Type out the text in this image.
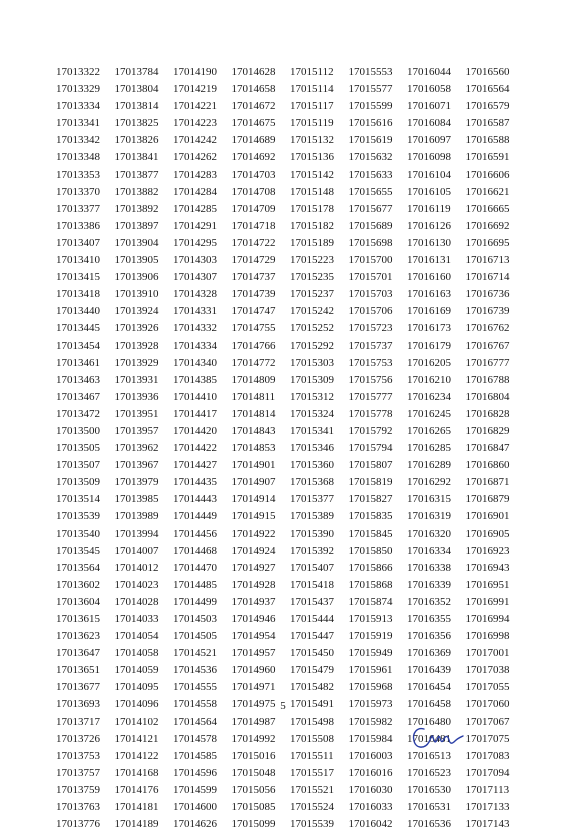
17013322
17013329
17013334
17013341
17013342
17013348
17013353
17013370
17013377
17013386
17013407
17013410
17013415
17013418
17013440
17013445
17013454
17013461
17013463
17013467
17013472
17013500
17013505
17013507
17013509
17013514
17013539
17013540
17013545
17013564
17013602
17013604
17013615
17013623
17013647
17013651
17013677
17013693
17013717
17013726
17013753
17013757
17013759
17013763
17013776
17013784
17013804
17013814
17013825
17013826
17013841
17013877
17013882
17013892
17013897
17013904
17013905
17013906
17013910
17013924
17013926
17013928
17013929
17013931
17013936
17013951
17013957
17013962
17013967
17013979
17013985
17013989
17013994
17014007
17014012
17014023
17014028
17014033
17014054
17014058
17014059
17014095
17014096
17014102
17014121
17014122
17014168
17014176
17014181
17014189
17014190
17014219
17014221
17014223
17014242
17014262
17014283
17014284
17014285
17014291
17014295
17014303
17014307
17014328
17014331
17014332
17014334
17014340
17014385
17014410
17014417
17014420
17014422
17014427
17014435
17014443
17014449
17014456
17014468
17014470
17014485
17014499
17014503
17014505
17014521
17014536
17014555
17014558
17014564
17014578
17014585
17014596
17014599
17014600
17014626
17014628
17014658
17014672
17014675
17014689
17014692
17014703
17014708
17014709
17014718
17014722
17014729
17014737
17014739
17014747
17014755
17014766
17014772
17014809
17014811
17014814
17014843
17014853
17014901
17014907
17014914
17014915
17014922
17014924
17014927
17014928
17014937
17014946
17014954
17014957
17014960
17014971
17014975
17014987
17014992
17015016
17015048
17015056
17015085
17015099
17015112
17015114
17015117
17015119
17015132
17015136
17015142
17015148
17015178
17015182
17015189
17015223
17015235
17015237
17015242
17015252
17015292
17015303
17015309
17015312
17015324
17015341
17015346
17015360
17015368
17015377
17015389
17015390
17015392
17015407
17015418
17015437
17015444
17015447
17015450
17015479
17015482
17015491
17015498
17015508
17015511
17015517
17015521
17015524
17015539
17015553
17015577
17015599
17015616
17015619
17015632
17015633
17015655
17015677
17015689
17015698
17015700
17015701
17015703
17015706
17015723
17015737
17015753
17015756
17015777
17015778
17015792
17015794
17015807
17015819
17015827
17015835
17015845
17015850
17015866
17015868
17015874
17015913
17015919
17015949
17015961
17015968
17015973
17015982
17015984
17016003
17016016
17016030
17016033
17016042
17016044
17016058
17016071
17016084
17016097
17016098
17016104
17016105
17016119
17016126
17016130
17016131
17016160
17016163
17016169
17016173
17016179
17016205
17016210
17016234
17016245
17016265
17016285
17016289
17016292
17016315
17016319
17016320
17016334
17016338
17016339
17016352
17016355
17016356
17016369
17016439
17016454
17016458
17016480
17016481
17016513
17016523
17016530
17016531
17016536
17016560
17016564
17016579
17016587
17016588
17016591
17016606
17016621
17016665
17016692
17016695
17016713
17016714
17016736
17016739
17016762
17016767
17016777
17016788
17016804
17016828
17016829
17016847
17016860
17016871
17016879
17016901
17016905
17016923
17016943
17016951
17016991
17016994
17016998
17017001
17017038
17017055
17017060
17017067
17017075
17017083
17017094
17017113
17017133
17017143
5
